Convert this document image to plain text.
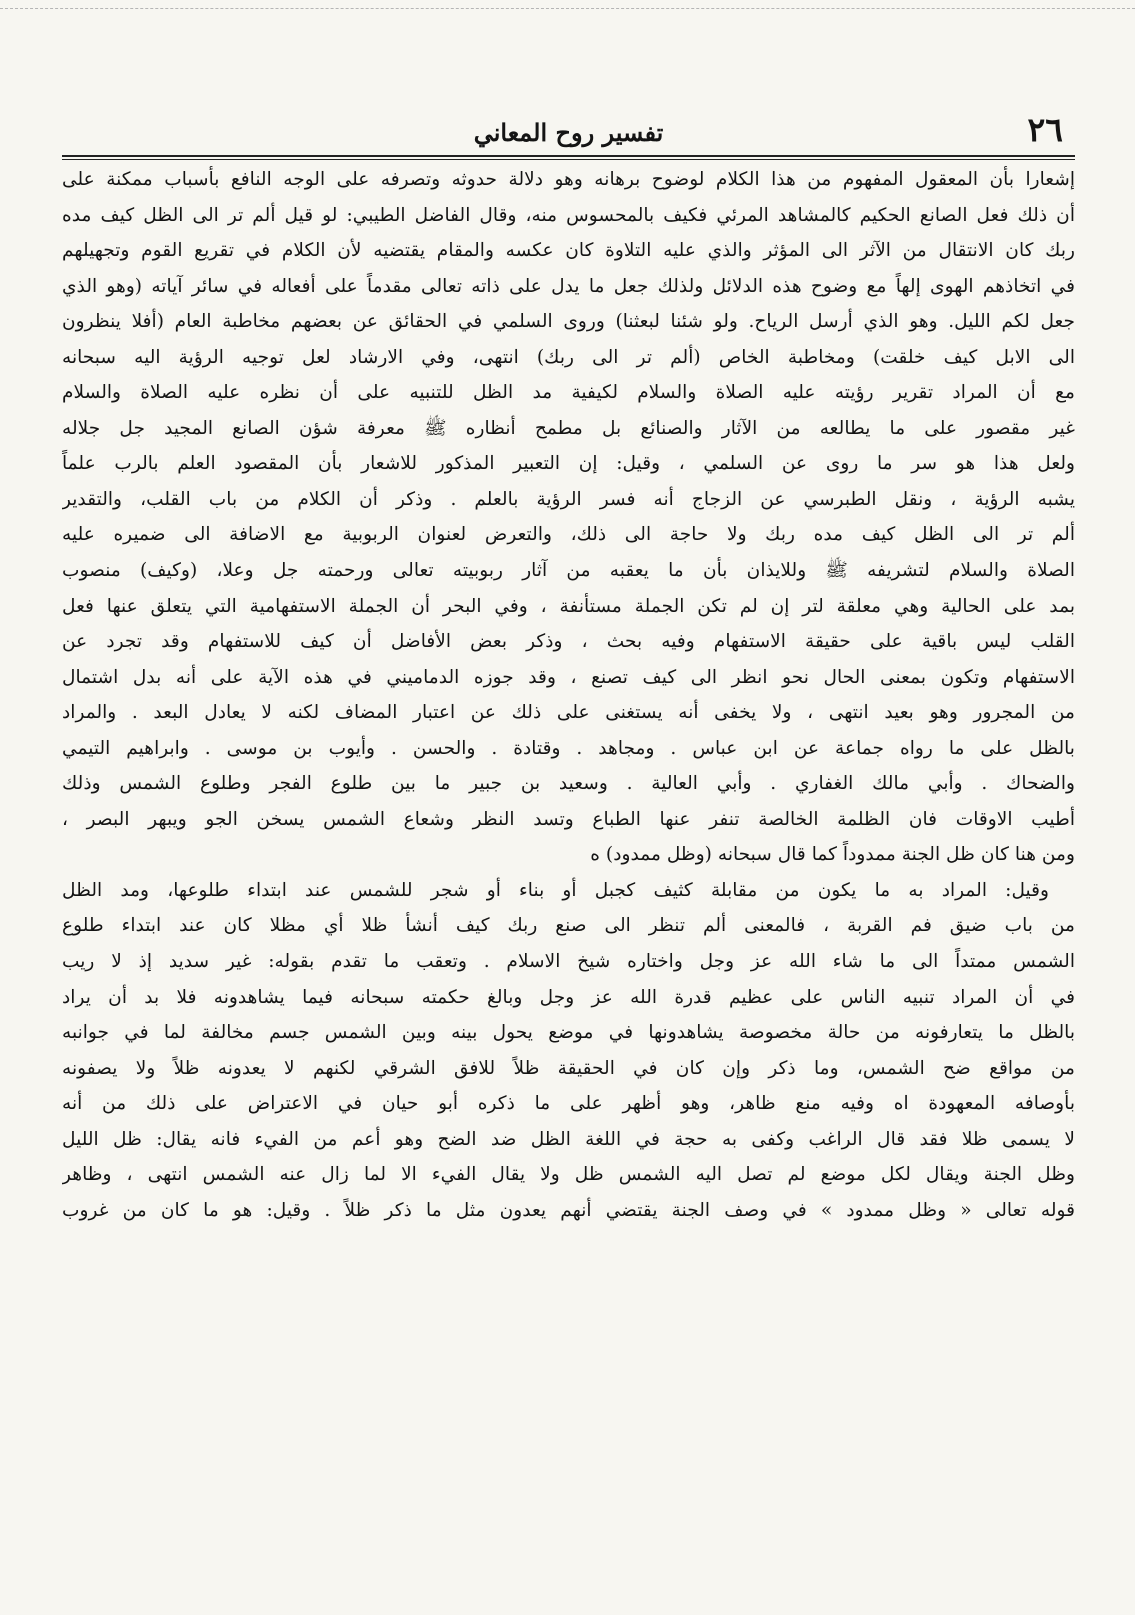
٢٦
تفسير روح المعاني
إشعارا بأن المعقول المفهوم من هذا الكلام لوضوح برهانه وهو دلالة حدوثه وتصرفه على الوجه النافع بأسباب ممكنة على
أن ذلك فعل الصانع الحكيم كالمشاهد المرئي فكيف بالمحسوس منه، وقال الفاضل الطيبي: لو قيل ألم تر الى الظل كيف مده
ربك كان الانتقال من الآثر الى المؤثر والذي عليه التلاوة كان عكسه والمقام يقتضيه لأن الكلام في تقريع القوم وتجهيلهم
في اتخاذهم الهوى إلهاً مع وضوح هذه الدلائل ولذلك جعل ما يدل على ذاته تعالى مقدماً على أفعاله في سائر آياته (وهو الذي
جعل لكم الليل. وهو الذي أرسل الرياح. ولو شئنا لبعثنا) وروى السلمي في الحقائق عن بعضهم مخاطبة العام (أفلا ينظرون
الى الابل كيف خلقت) ومخاطبة الخاص (ألم تر الى ربك) انتهى، وفي الارشاد لعل توجيه الرؤية اليه سبحانه
مع أن المراد تقرير رؤيته عليه الصلاة والسلام لكيفية مد الظل للتنبيه على أن نظره عليه الصلاة والسلام
غير مقصور على ما يطالعه من الآثار والصنائع بل مطمح أنظاره ﷺ معرفة شؤن الصانع المجيد جل جلاله
ولعل هذا هو سر ما روى عن السلمي ، وقيل: إن التعبير المذكور للاشعار بأن المقصود العلم بالرب علماً
يشبه الرؤية ، ونقل الطبرسي عن الزجاج أنه فسر الرؤية بالعلم . وذكر أن الكلام من باب القلب، والتقدير
ألم تر الى الظل كيف مده ربك ولا حاجة الى ذلك، والتعرض لعنوان الربوبية مع الاضافة الى ضميره عليه
الصلاة والسلام لتشريفه ﷺ وللايذان بأن ما يعقبه من آثار ربوبيته تعالى ورحمته جل وعلا، (وكيف) منصوب
بمد على الحالية وهي معلقة لتر إن لم تكن الجملة مستأنفة ، وفي البحر أن الجملة الاستفهامية التي يتعلق عنها فعل
القلب ليس باقية على حقيقة الاستفهام وفيه بحث ، وذكر بعض الأفاضل أن كيف للاستفهام وقد تجرد عن
الاستفهام وتكون بمعنى الحال نحو انظر الى كيف تصنع ، وقد جوزه الدماميني في هذه الآية على أنه بدل اشتمال
من المجرور وهو بعيد انتهى ، ولا يخفى أنه يستغنى على ذلك عن اعتبار المضاف لكنه لا يعادل البعد . والمراد
بالظل على ما رواه جماعة عن ابن عباس . ومجاهد . وقتادة . والحسن . وأيوب بن موسى . وابراهيم التيمي
والضحاك . وأبي مالك الغفاري . وأبي العالية . وسعيد بن جبير ما بين طلوع الفجر وطلوع الشمس وذلك
أطيب الاوقات فان الظلمة الخالصة تنفر عنها الطباع وتسد النظر وشعاع الشمس يسخن الجو ويبهر البصر ،
ومن هنا كان ظل الجنة ممدوداً كما قال سبحانه (وظل ممدود) ه
وقيل: المراد به ما يكون من مقابلة كثيف كجبل أو بناء أو شجر للشمس عند ابتداء طلوعها، ومد الظل
من باب ضيق فم القربة ، فالمعنى ألم تنظر الى صنع ربك كيف أنشأ ظلا أي مظلا كان عند ابتداء طلوع
الشمس ممتداً الى ما شاء الله عز وجل واختاره شيخ الاسلام . وتعقب ما تقدم بقوله: غير سديد إذ لا ريب
في أن المراد تنبيه الناس على عظيم قدرة الله عز وجل وبالغ حكمته سبحانه فيما يشاهدونه فلا بد أن يراد
بالظل ما يتعارفونه من حالة مخصوصة يشاهدونها في موضع يحول بينه وبين الشمس جسم مخالفة لما في جوانبه
من مواقع ضح الشمس، وما ذكر وإن كان في الحقيقة ظلاً للافق الشرقي لكنهم لا يعدونه ظلاً ولا يصفونه
بأوصافه المعهودة اه وفيه منع ظاهر، وهو أظهر على ما ذكره أبو حيان في الاعتراض على ذلك من أنه
لا يسمى ظلا فقد قال الراغب وكفى به حجة في اللغة الظل ضد الضح وهو أعم من الفيء فانه يقال: ظل الليل
وظل الجنة ويقال لكل موضع لم تصل اليه الشمس ظل ولا يقال الفيء الا لما زال عنه الشمس انتهى ، وظاهر
قوله تعالى « وظل ممدود » في وصف الجنة يقتضي أنهم يعدون مثل ما ذكر ظلاً . وقيل: هو ما كان من غروب
